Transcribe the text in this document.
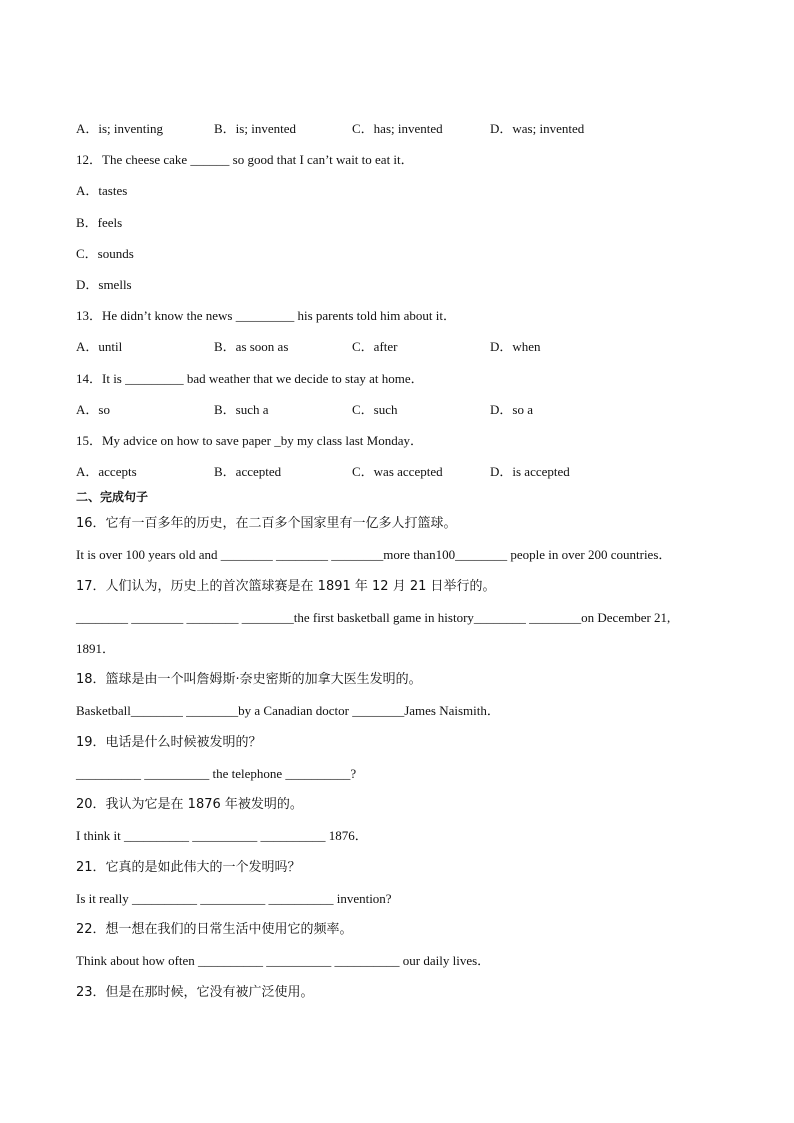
A．is; inventing	B．is; invented	C．has; invented	D．was; invented
12．The cheese cake ______ so good that I can’t wait to eat it．
A．tastes
B．feels
C．sounds
D．smells
13．He didn’t know the news _________ his parents told him about it．
A．until	B．as soon as	C．after	D．when
14．It is _________ bad weather that we decide to stay at home．
A．so	B．such a	C．such	D．so a
15．My advice on how to save paper _by my class last Monday．
A．accepts	B．accepted	C．was accepted	D．is accepted
二、完成句子
16．它有一百多年的历史，在二百多个国家里有一亿多人打篮球。
It is over 100 years old and ________ ________ ________more than100________ people in over 200 countries．
17．人们认为，历史上的首次篮球赛是在 1891 年 12 月 21 日举行的。
________ ________ ________ ________the first basketball game in history________ ________on December 21,
1891．
18．篮球是由一个叫詹姆斯·奈史密斯的加拿大医生发明的。
Basketball________ ________by a Canadian doctor ________James Naismith．
19．电话是什么时候被发明的？
__________ __________ the telephone __________?
20．我认为它是在 1876 年被发明的。
I think it __________ __________ __________ 1876．
21．它真的是如此伟大的一个发明吗？
Is it really __________ __________ __________ invention?
22．想一想在我们的日常生活中使用它的频率。
Think about how often __________ __________ __________ our daily lives．
23．但是在那时候，它没有被广泛使用。
